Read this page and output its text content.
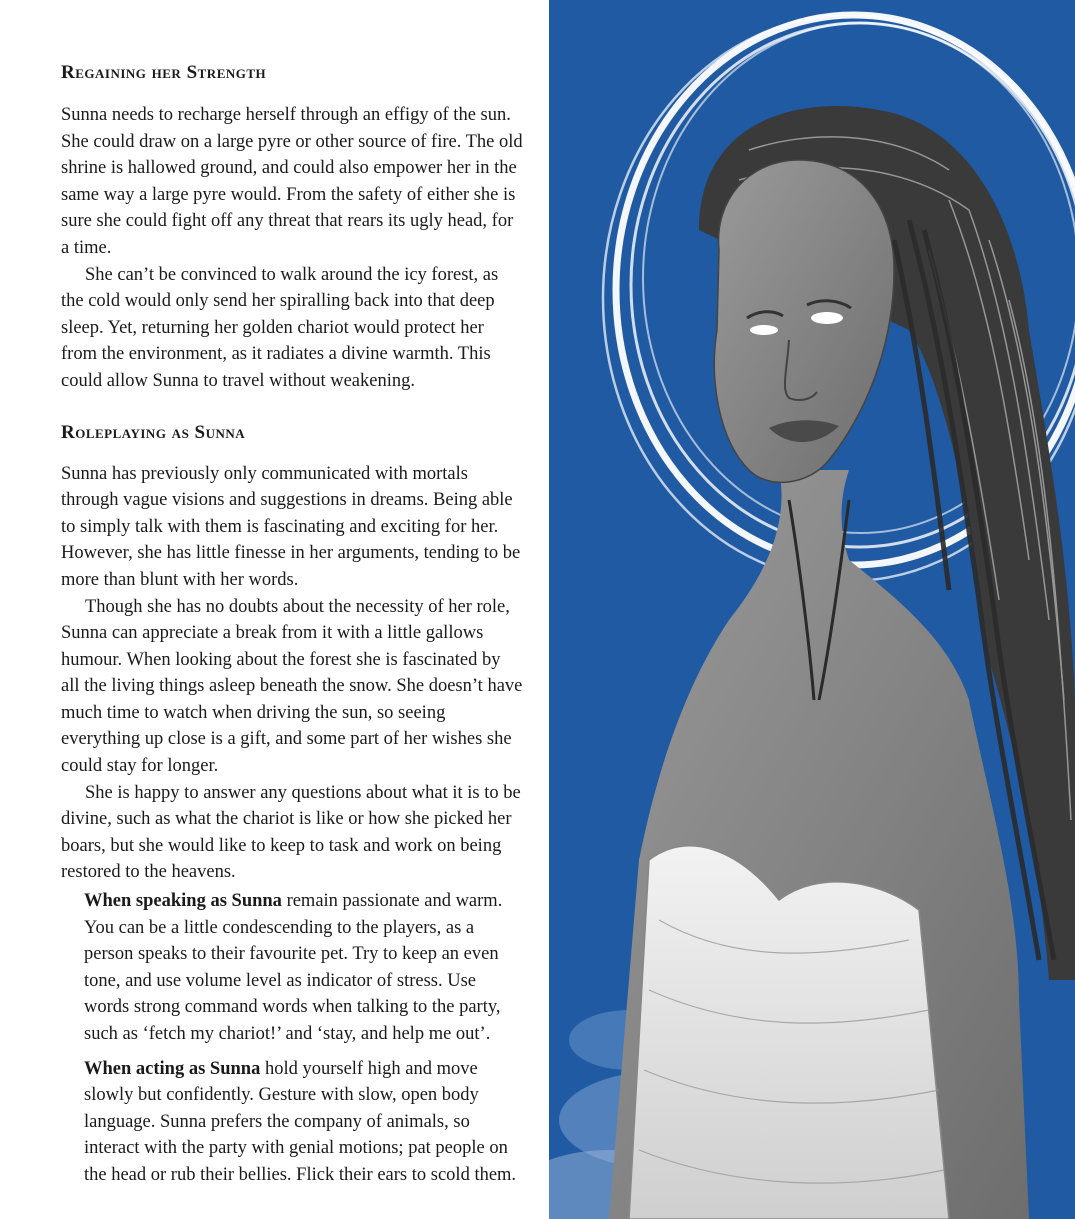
Regaining her Strength

Sunna needs to recharge herself through an effigy of the sun. She could draw on a large pyre or other source of fire. The old shrine is hallowed ground, and could also empower her in the same way a large pyre would. From the safety of either she is sure she could fight off any threat that rears its ugly head, for a time.

She can’t be convinced to walk around the icy forest, as the cold would only send her spiralling back into that deep sleep. Yet, returning her golden chariot would protect her from the environment, as it radiates a divine warmth. This could allow Sunna to travel without weakening.

Roleplaying as Sunna

Sunna has previously only communicated with mortals through vague visions and suggestions in dreams. Being able to simply talk with them is fascinating and exciting for her. However, she has little finesse in her arguments, tending to be more than blunt with her words.

Though she has no doubts about the necessity of her role, Sunna can appreciate a break from it with a little gallows humour. When looking about the forest she is fascinated by all the living things asleep beneath the snow. She doesn’t have much time to watch when driving the sun, so seeing everything up close is a gift, and some part of her wishes she could stay for longer.

She is happy to answer any questions about what it is to be divine, such as what the chariot is like or how she picked her boars, but she would like to keep to task and work on being restored to the heavens.

When speaking as Sunna remain passionate and warm. You can be a little condescending to the players, as a person speaks to their favourite pet. Try to keep an even tone, and use volume level as indicator of stress. Use words strong command words when talking to the party, such as ‘fetch my chariot!’ and ‘stay, and help me out’.

When acting as Sunna hold yourself high and move slowly but confidently. Gesture with slow, open body language. Sunna prefers the company of animals, so interact with the party with genial motions; pat people on the head or rub their bellies. Flick their ears to scold them.
